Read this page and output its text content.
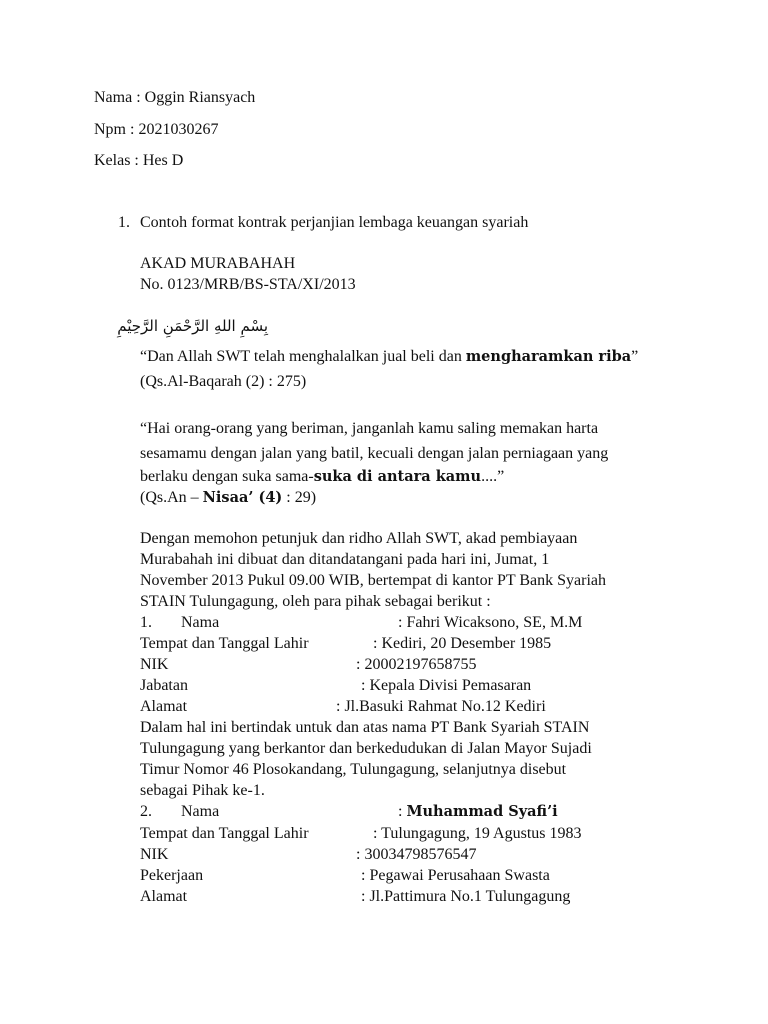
Nama : Oggin Riansyach
Npm : 2021030267
Kelas : Hes D
1. Contoh format kontrak perjanjian lembaga keuangan syariah
AKAD MURABAHAH
No. 0123/MRB/BS-STA/XI/2013
بِسْمِ اللهِ الرَّحْمَنِ الرَّحِيْمِ
“Dan Allah SWT telah menghalalkan jual beli dan mengharamkan riba”
(Qs.Al-Baqarah (2) : 275)
“Hai orang-orang yang beriman, janganlah kamu saling memakan harta
sesamamu dengan jalan yang batil, kecuali dengan jalan perniagaan yang
berlaku dengan suka sama-suka di antara kamu....”
(Qs.An – Nisaa’ (4) : 29)
Dengan memohon petunjuk dan ridho Allah SWT, akad pembiayaan
Murabahah ini dibuat dan ditandatangani pada hari ini, Jumat, 1
November 2013 Pukul 09.00 WIB, bertempat di kantor PT Bank Syariah
STAIN Tulungagung, oleh para pihak sebagai berikut :
1. Nama	: Fahri Wicaksono, SE, M.M
Tempat dan Tanggal Lahir	: Kediri, 20 Desember 1985
NIK	: 20002197658755
Jabatan	: Kepala Divisi Pemasaran
Alamat	: Jl.Basuki Rahmat No.12 Kediri
Dalam hal ini bertindak untuk dan atas nama PT Bank Syariah STAIN
Tulungagung yang berkantor dan berkedudukan di Jalan Mayor Sujadi
Timur Nomor 46 Plosokandang, Tulungagung, selanjutnya disebut
sebagai Pihak ke-1.
2. Nama	: Muhammad Syafi’i
Tempat dan Tanggal Lahir	: Tulungagung, 19 Agustus 1983
NIK	: 30034798576547
Pekerjaan	: Pegawai Perusahaan Swasta
Alamat	: Jl.Pattimura No.1 Tulungagung
